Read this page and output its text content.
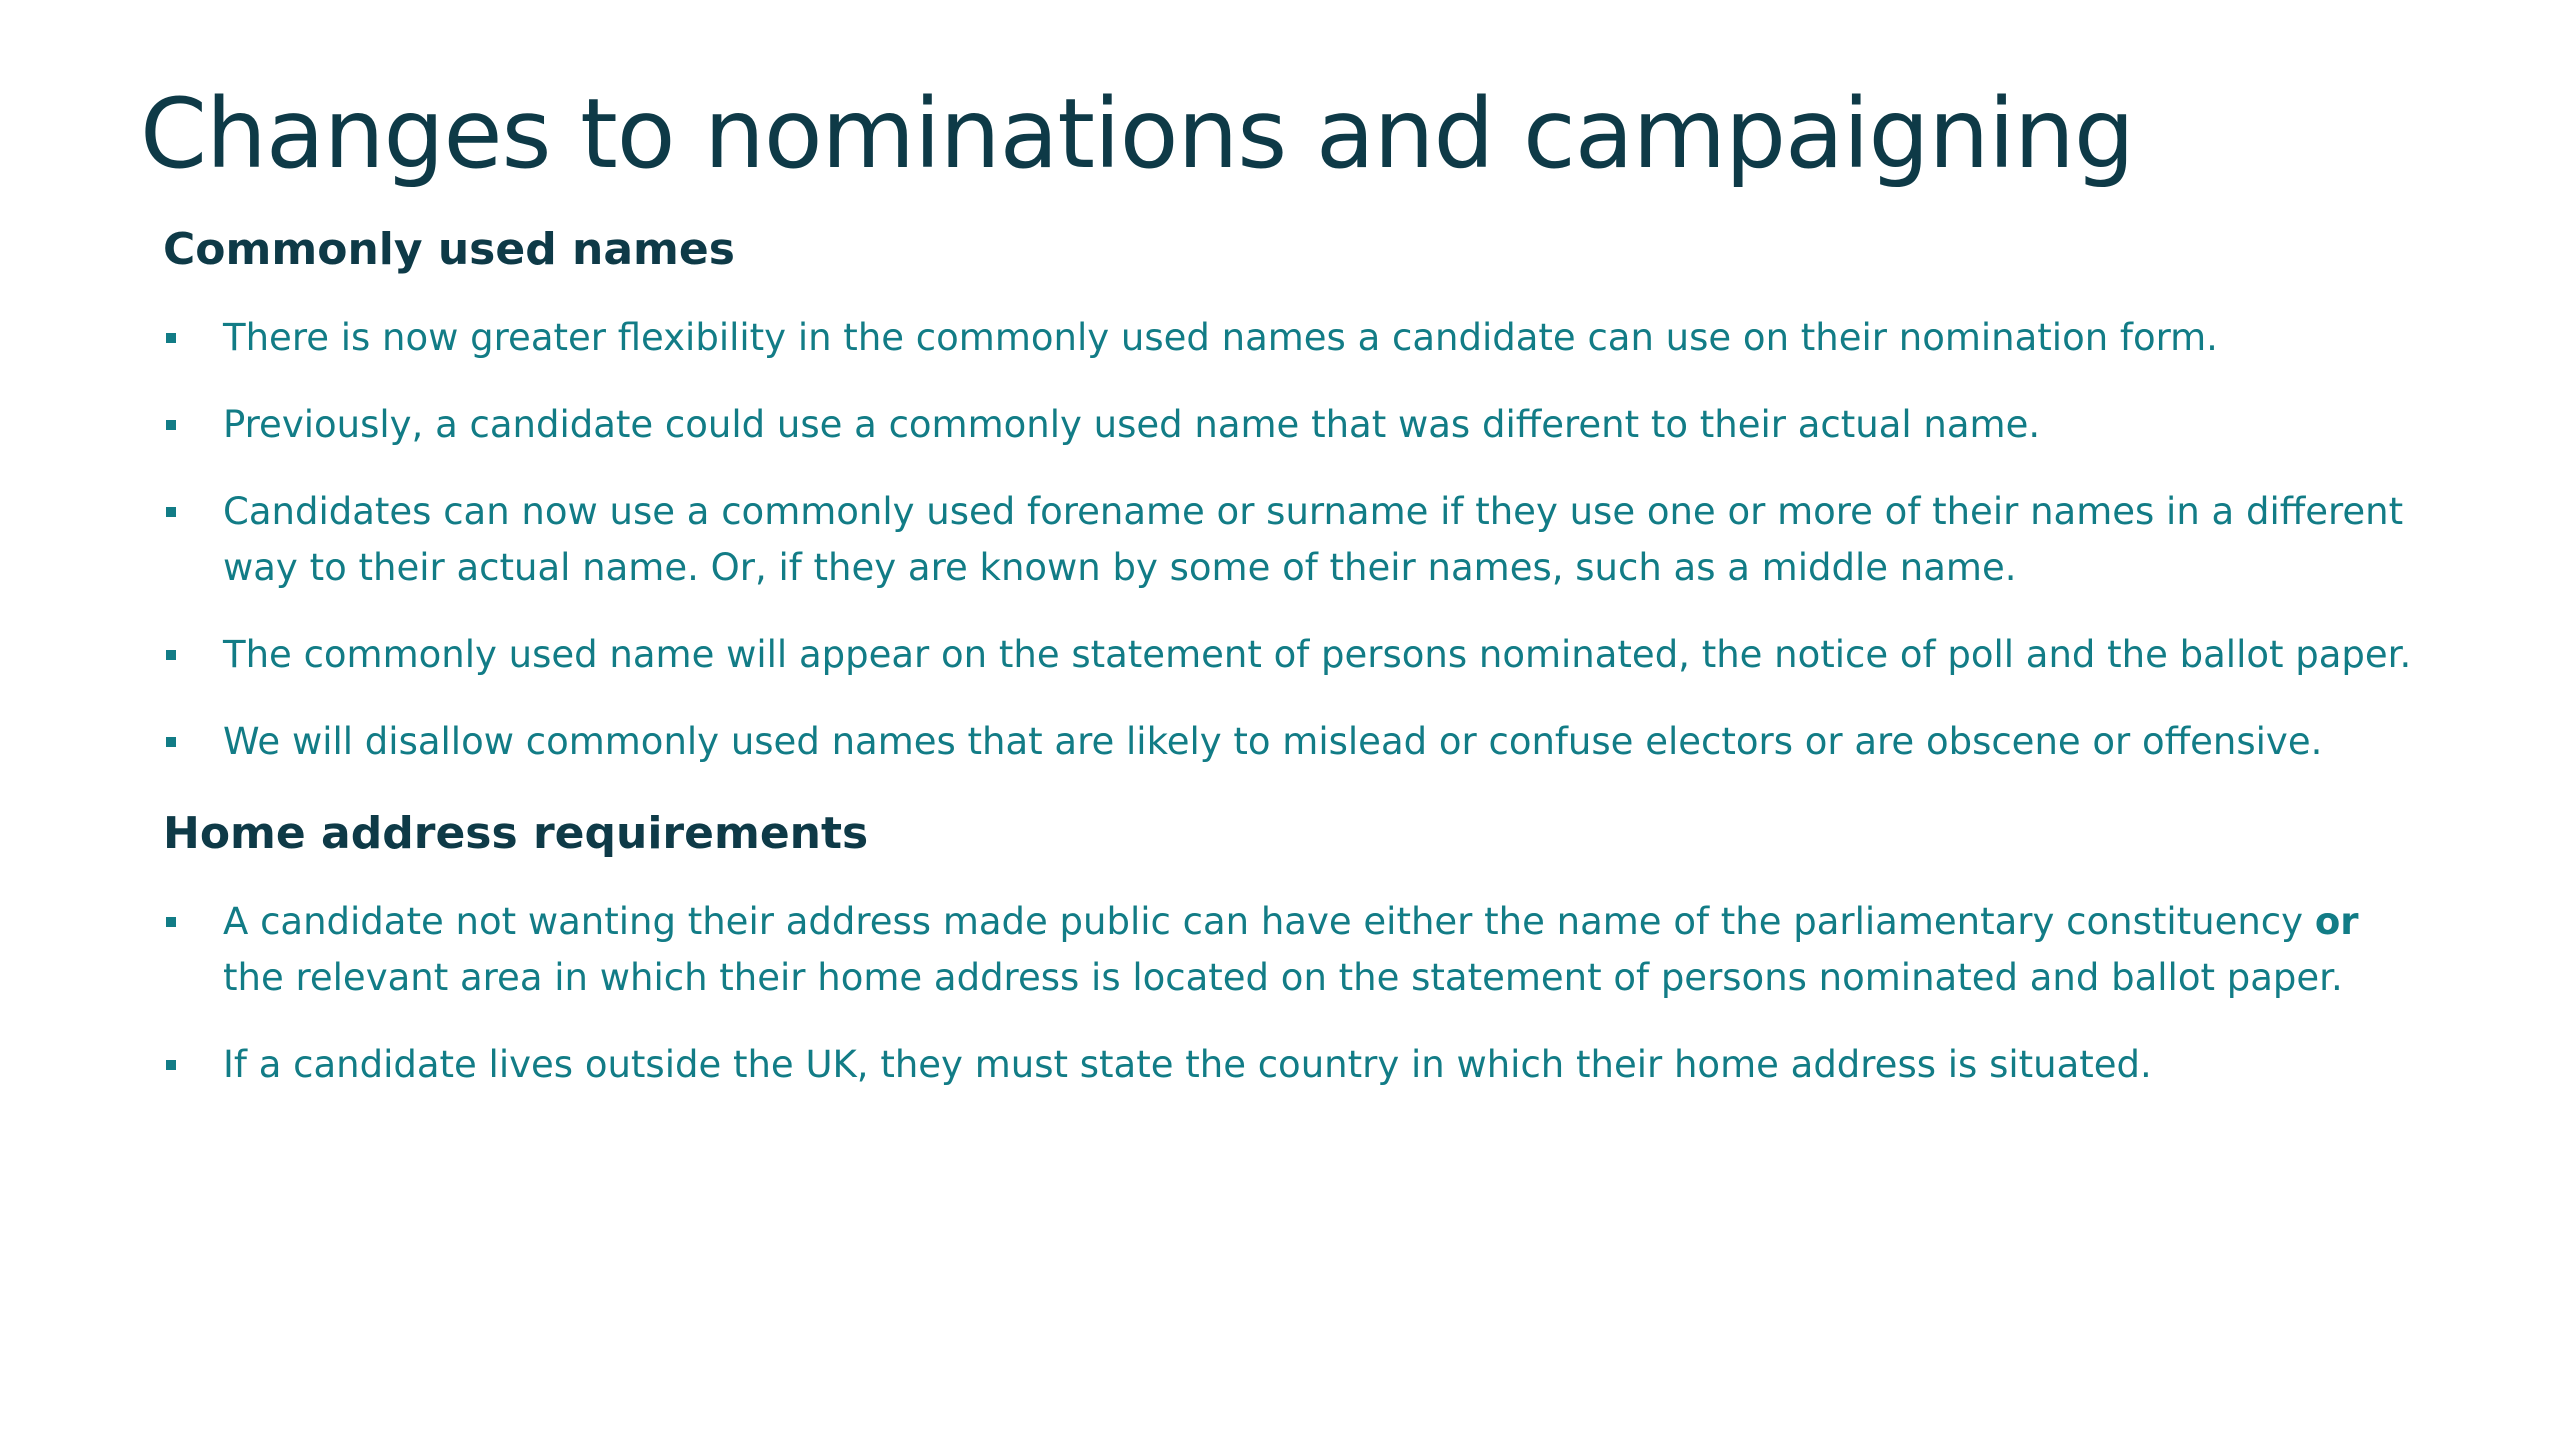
Changes to nominations and campaigning
Commonly used names
There is now greater flexibility in the commonly used names a candidate can use on their nomination form.
Previously, a candidate could use a commonly used name that was different to their actual name.
Candidates can now use a commonly used forename or surname if they use one or more of their names in a different way to their actual name. Or, if they are known by some of their names, such as a middle name.
The commonly used name will appear on the statement of persons nominated, the notice of poll and the ballot paper.
We will disallow commonly used names that are likely to mislead or confuse electors or are obscene or offensive.
Home address requirements
A candidate not wanting their address made public can have either the name of the parliamentary constituency or the relevant area in which their home address is located on the statement of persons nominated and ballot paper.
If a candidate lives outside the UK, they must state the country in which their home address is situated.
